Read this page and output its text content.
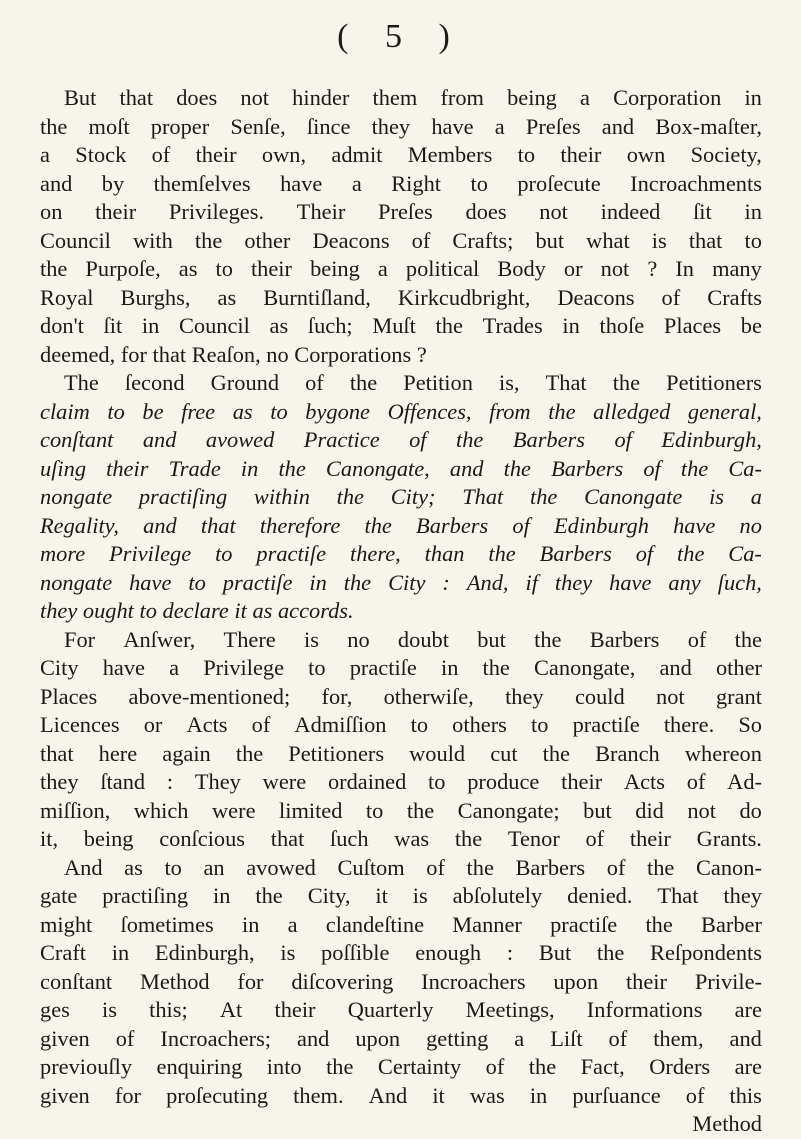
( 5 )
But that does not hinder them from being a Corporation in
the moſt proper Senſe, ſince they have a Preſes and Box-maſter,
a Stock of their own, admit Members to their own Society,
and by themſelves have a Right to proſecute Incroachments
on their Privileges. Their Preſes does not indeed ſit in
Council with the other Deacons of Crafts; but what is that to
the Purpoſe, as to their being a political Body or not ? In many
Royal Burghs, as Burntiſland, Kirkcudbright, Deacons of Crafts
don't ſit in Council as ſuch; Muſt the Trades in thoſe Places be
deemed, for that Reaſon, no Corporations ?
The ſecond Ground of the Petition is, That the Petitioners
claim to be free as to bygone Offences, from the alledged general,
conſtant and avowed Practice of the Barbers of Edinburgh,
uſing their Trade in the Canongate, and the Barbers of the Ca-
nongate practiſing within the City; That the Canongate is a
Regality, and that therefore the Barbers of Edinburgh have no
more Privilege to practiſe there, than the Barbers of the Ca-
nongate have to practiſe in the City : And, if they have any ſuch,
they ought to declare it as accords.
For Anſwer, There is no doubt but the Barbers of the
City have a Privilege to practiſe in the Canongate, and other
Places above-mentioned; for, otherwiſe, they could not grant
Licences or Acts of Admiſſion to others to practiſe there. So
that here again the Petitioners would cut the Branch whereon
they ſtand : They were ordained to produce their Acts of Ad-
miſſion, which were limited to the Canongate; but did not do
it, being conſcious that ſuch was the Tenor of their Grants.
And as to an avowed Cuſtom of the Barbers of the Canon-
gate practiſing in the City, it is abſolutely denied. That they
might ſometimes in a clandeſtine Manner practiſe the Barber
Craft in Edinburgh, is poſſible enough : But the Reſpondents
conſtant Method for diſcovering Incroachers upon their Privile-
ges is this; At their Quarterly Meetings, Informations are
given of Incroachers; and upon getting a Liſt of them, and
previouſly enquiring into the Certainty of the Fact, Orders are
given for proſecuting them. And it was in purſuance of this
Method
